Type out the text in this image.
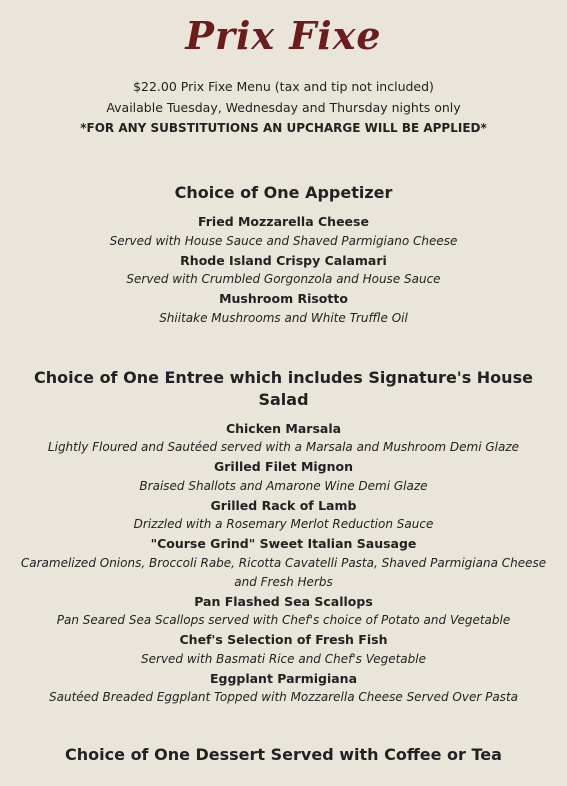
Prix Fixe
$22.00 Prix Fixe Menu (tax and tip not included)
Available Tuesday, Wednesday and Thursday nights only
*FOR ANY SUBSTITUTIONS AN UPCHARGE WILL BE APPLIED*
Choice of One Appetizer
Fried Mozzarella Cheese
Served with House Sauce and Shaved Parmigiano Cheese
Rhode Island Crispy Calamari
Served with Crumbled Gorgonzola and House Sauce
Mushroom Risotto
Shiitake Mushrooms and White Truffle Oil
Choice of One Entree which includes Signature's House Salad
Chicken Marsala
Lightly Floured and Sautéed served with a Marsala and Mushroom Demi Glaze
Grilled Filet Mignon
Braised Shallots and Amarone Wine Demi Glaze
Grilled Rack of Lamb
Drizzled with a Rosemary Merlot Reduction Sauce
"Course Grind" Sweet Italian Sausage
Caramelized Onions, Broccoli Rabe, Ricotta Cavatelli Pasta, Shaved Parmigiana Cheese and Fresh Herbs
Pan Flashed Sea Scallops
Pan Seared Sea Scallops served with Chef's choice of Potato and Vegetable
Chef's Selection of Fresh Fish
Served with Basmati Rice and Chef's Vegetable
Eggplant Parmigiana
Sautéed Breaded Eggplant Topped with Mozzarella Cheese Served Over Pasta
Choice of One Dessert Served with Coffee or Tea
